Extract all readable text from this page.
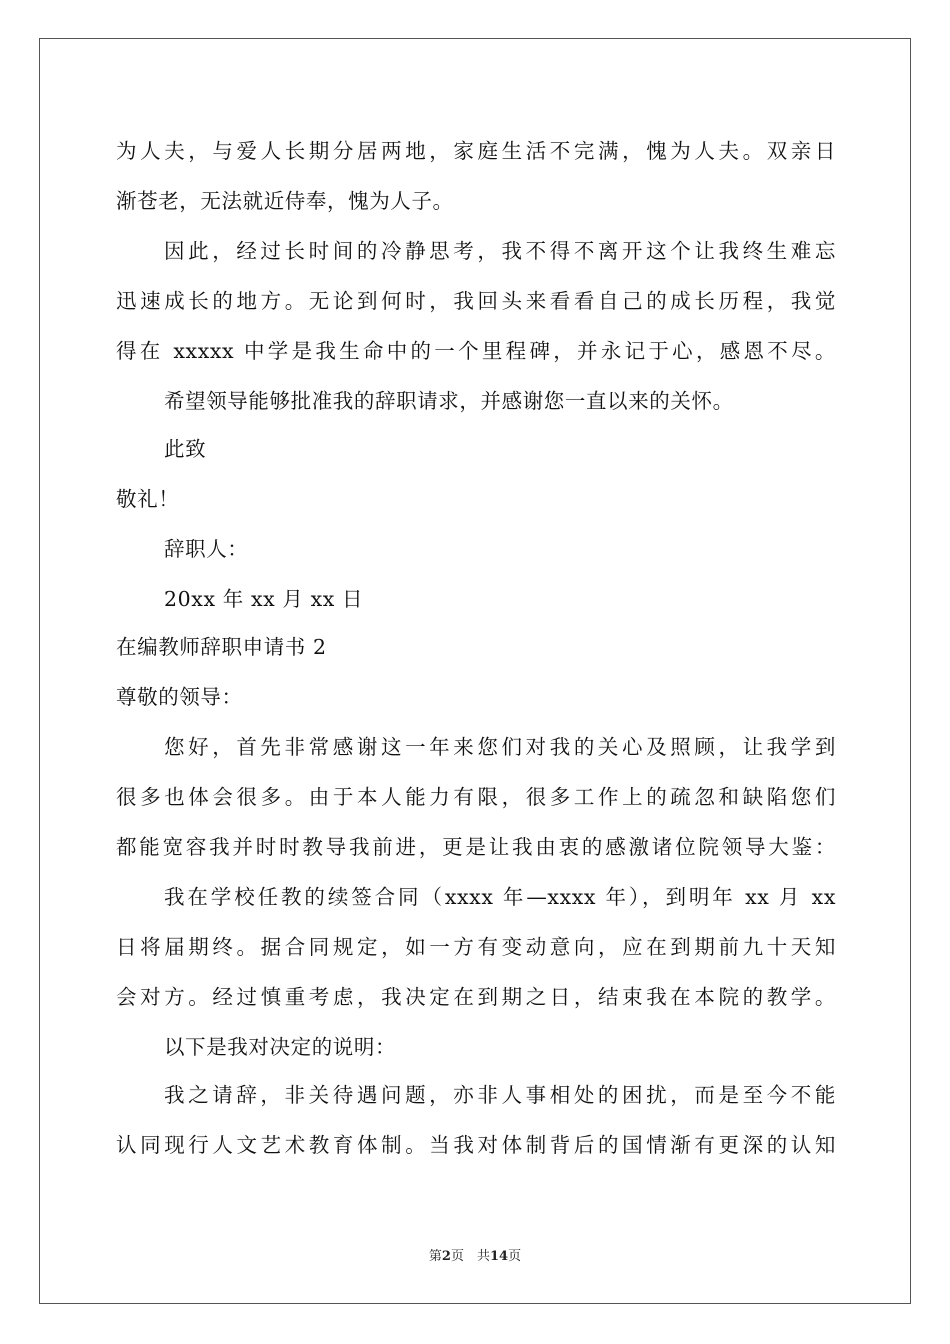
为人夫，与爱人长期分居两地，家庭生活不完满，愧为人夫。双亲日
渐苍老，无法就近侍奉，愧为人子。
因此，经过长时间的冷静思考，我不得不离开这个让我终生难忘
迅速成长的地方。无论到何时，我回头来看看自己的成长历程，我觉
得在 xxxxx 中学是我生命中的一个里程碑，并永记于心，感恩不尽。
希望领导能够批准我的辞职请求，并感谢您一直以来的关怀。
此致
敬礼！
辞职人：
20xx 年 xx 月 xx 日
在编教师辞职申请书 2
尊敬的领导：
您好，首先非常感谢这一年来您们对我的关心及照顾，让我学到
很多也体会很多。由于本人能力有限，很多工作上的疏忽和缺陷您们
都能宽容我并时时教导我前进，更是让我由衷的感激诸位院领导大鉴：
我在学校任教的续签合同（xxxx 年—xxxx 年），到明年 xx 月 xx
日将届期终。据合同规定，如一方有变动意向，应在到期前九十天知
会对方。经过慎重考虑，我决定在到期之日，结束我在本院的教学。
以下是我对决定的说明：
我之请辞，非关待遇问题，亦非人事相处的困扰，而是至今不能
认同现行人文艺术教育体制。当我对体制背后的国情渐有更深的认知
第2页　共14页
